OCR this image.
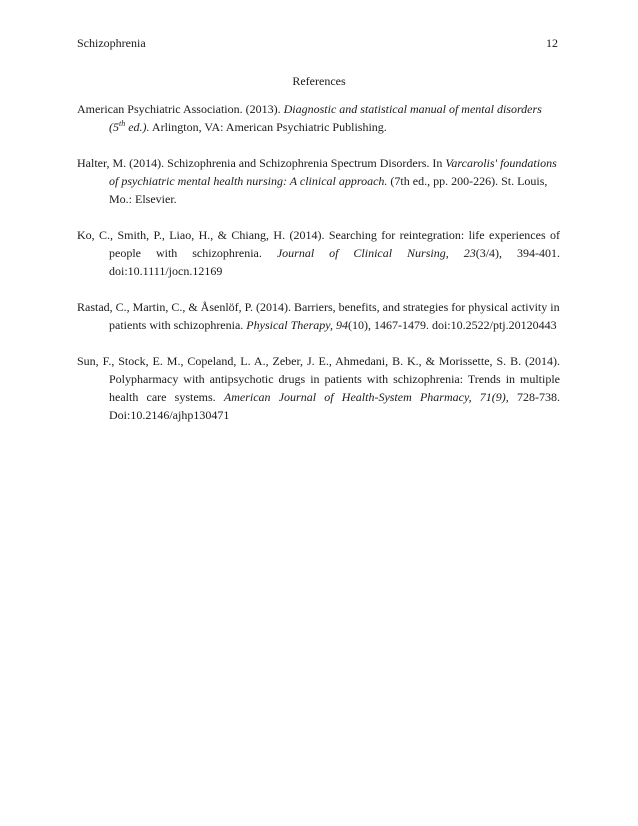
Schizophrenia	12
References

American Psychiatric Association. (2013). Diagnostic and statistical manual of mental disorders (5th ed.). Arlington, VA: American Psychiatric Publishing.

Halter, M. (2014). Schizophrenia and Schizophrenia Spectrum Disorders. In Varcarolis' foundations of psychiatric mental health nursing: A clinical approach. (7th ed., pp. 200-226). St. Louis, Mo.: Elsevier.

Ko, C., Smith, P., Liao, H., & Chiang, H. (2014). Searching for reintegration: life experiences of people with schizophrenia. Journal of Clinical Nursing, 23(3/4), 394-401. doi:10.1111/jocn.12169

Rastad, C., Martin, C., & Åsenlöf, P. (2014). Barriers, benefits, and strategies for physical activity in patients with schizophrenia. Physical Therapy, 94(10), 1467-1479. doi:10.2522/ptj.20120443

Sun, F., Stock, E. M., Copeland, L. A., Zeber, J. E., Ahmedani, B. K., & Morissette, S. B. (2014). Polypharmacy with antipsychotic drugs in patients with schizophrenia: Trends in multiple health care systems. American Journal of Health-System Pharmacy, 71(9), 728-738. Doi:10.2146/ajhp130471
